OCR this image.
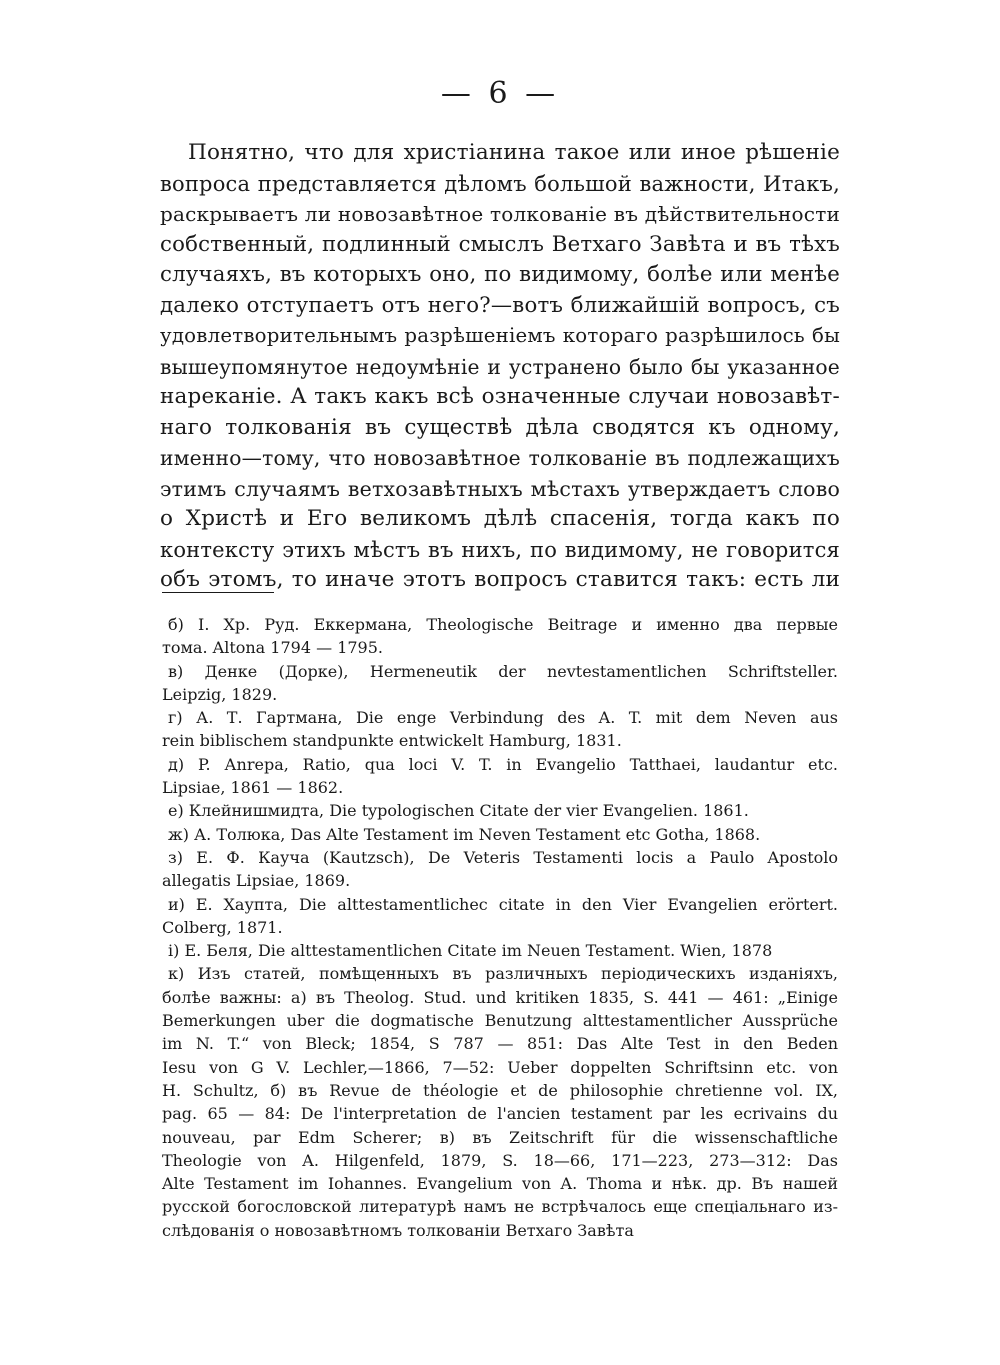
— 6 —
Понятно, что для христіанина такое или иное рѣшеніе
вопроса представляется дѣломъ большой важности, Итакъ,
раскрываетъ ли новозавѣтное толкованіе въ дѣйствительности
собственный, подлинный смыслъ Ветхаго Завѣта и въ тѣхъ
случаяхъ, въ которыхъ оно, по видимому, болѣе или менѣе
далеко отступаетъ отъ него?—вотъ ближайшій вопросъ, съ
удовлетворительнымъ разрѣшеніемъ котораго разрѣшилось бы
вышеупомянутое недоумѣніе и устранено было бы указанное
нареканіе. А такъ какъ всѣ означенные случаи новозавѣт-
наго толкованія въ существѣ дѣла сводятся къ одному,
именно—тому, что новозавѣтное толкованіе въ подлежащихъ
этимъ случаямъ ветхозавѣтныхъ мѣстахъ утверждаетъ слово
о Христѣ и Его великомъ дѣлѣ спасенія, тогда какъ по
контексту этихъ мѣстъ въ нихъ, по видимому, не говорится
объ этомъ, то иначе этотъ вопросъ ставится такъ: есть ли
б) I. Хр. Руд. Еккермана, Theologische Beitrage и именно два первые
тома. Altona 1794 — 1795.
в) Денке (Дорке), Hermeneutik der nevtestamentlichen Schriftsteller.
Leipzig, 1829.
г) А. Т. Гартмана, Die enge Verbindung des A. T. mit dem Neven aus
rein biblischem standpunkte entwickelt Hamburg, 1831.
д) P. Аnrepa, Ratio, qua loci V. T. in Evangelio Tatthaei, laudantur etc.
Lipsiae, 1861 — 1862.
е) Клейнишмидта, Die typologischen Citate der vier Evangelien. 1861.
ж) А. Толюка, Das Alte Testament im Neven Testament etc Gotha, 1868.
з) Е. Ф. Кауча (Kautzsch), De Veteris Testamenti locis a Paulo Apostolo
allegatis Lipsiae, 1869.
и) Е. Хаупта, Die alttestamentlichec citate in den Vier Evangelien erörtert.
Colberg, 1871.
i) Е. Беля, Die alttestamentlichen Citate im Neuen Testament. Wien, 1878
к) Изъ статей, помѣщенныхъ въ различныхъ періодическихъ изданіяхъ,
болѣе важны: а) въ Theolog. Stud. und kritiken 1835, S. 441 — 461: „Einige
Bemerkungen uber die dogmatische Benutzung alttestamentlicher Aussprüche
im N. T.“ von Bleck; 1854, S 787 — 851: Das Alte Test in den Beden
Iesu von G V. Lechler,—1866, 7—52: Ueber doppelten Schriftsinn etc. von
H. Schultz, б) въ Revue de théologie et de philosophie chretienne vol. IX,
pag. 65 — 84: De l'interpretation de l'ancien testament par les ecrivains du
nouveau, par Edm Scherer; в) въ Zeitschrift für die wissenschaftliche
Theologie von A. Hilgenfeld, 1879, S. 18—66, 171—223, 273—312: Das
Alte Testament im Iohannes. Evangelium von A. Thoma и нѣк. др. Въ нашей
русской богословской литературѣ намъ не встрѣчалось еще спеціальнаго из-
слѣдованія о новозавѣтномъ толкованіи Ветхаго Завѣта
